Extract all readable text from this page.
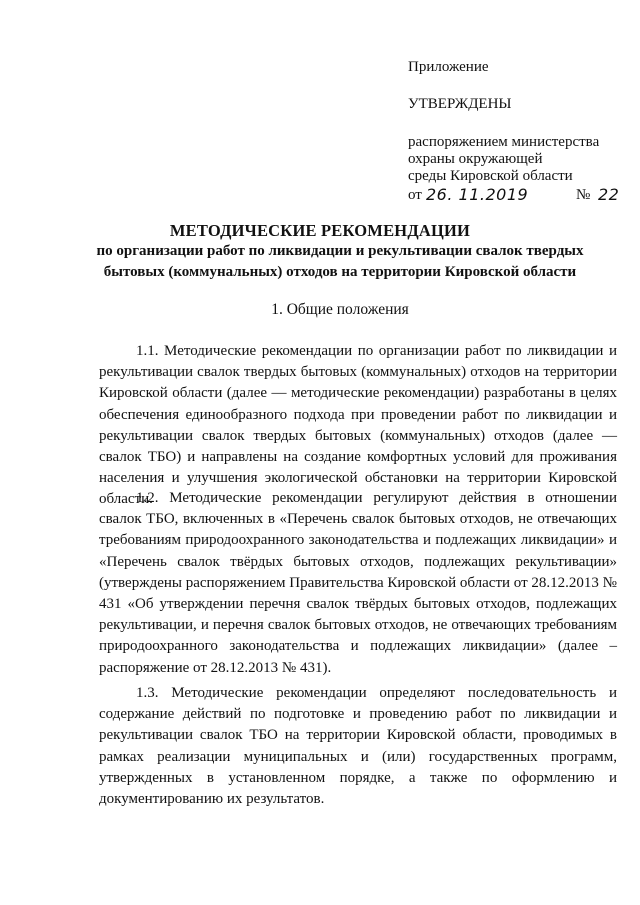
Приложение
УТВЕРЖДЕНЫ
распоряжением министерства
охраны окружающей
среды Кировской области
от 26. 11.2019	№ 22
МЕТОДИЧЕСКИЕ РЕКОМЕНДАЦИИ
по организации работ по ликвидации и рекультивации свалок твердых
бытовых (коммунальных) отходов на территории Кировской области
1. Общие положения
1.1. Методические рекомендации по организации работ по ликвидации и рекультивации свалок твердых бытовых (коммунальных) отходов на территории Кировской области (далее — методические рекомендации) разработаны в целях обеспечения единообразного подхода при проведении работ по ликвидации и рекультивации свалок твердых бытовых (коммунальных) отходов (далее — свалок ТБО) и направлены на создание комфортных условий для проживания населения и улучшения экологической обстановки на территории Кировской области.
1.2. Методические рекомендации регулируют действия в отношении свалок ТБО, включенных в «Перечень свалок бытовых отходов, не отвечающих требованиям природоохранного законодательства и подлежащих ликвидации» и «Перечень свалок твёрдых бытовых отходов, подлежащих рекультивации» (утверждены распоряжением Правительства Кировской области от 28.12.2013 № 431 «Об утверждении перечня свалок твёрдых бытовых отходов, подлежащих рекультивации, и перечня свалок бытовых отходов, не отвечающих требованиям природоохранного законодательства и подлежащих ликвидации» (далее – распоряжение от 28.12.2013 № 431).
1.3. Методические рекомендации определяют последовательность и содержание действий по подготовке и проведению работ по ликвидации и рекультивации свалок ТБО на территории Кировской области, проводимых в рамках реализации муниципальных и (или) государственных программ, утвержденных в установленном порядке, а также по оформлению и документированию их результатов.
